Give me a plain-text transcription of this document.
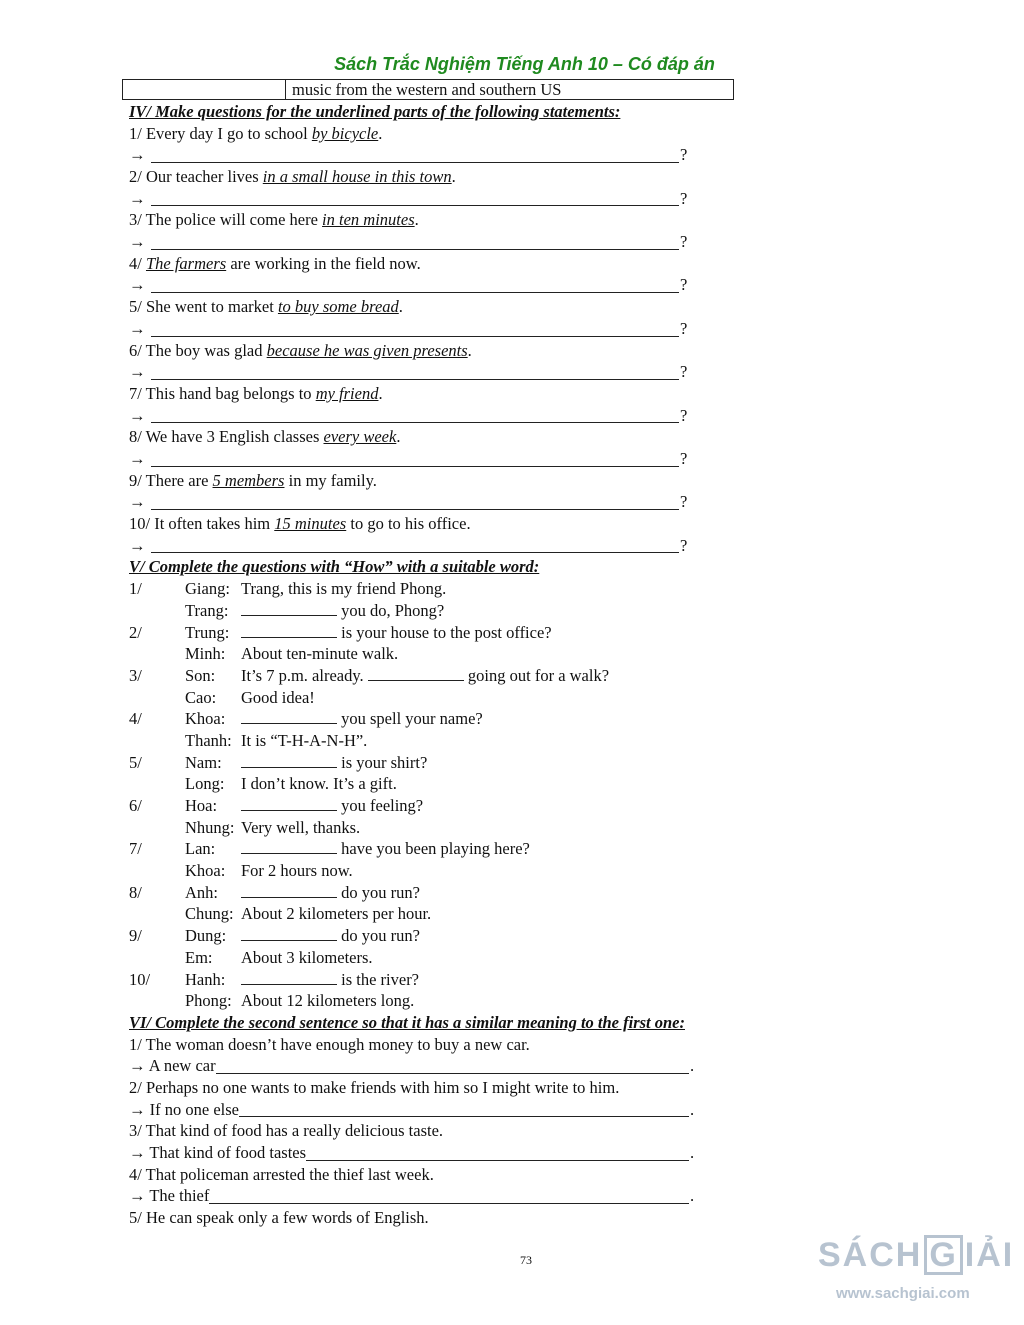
Sách Trắc Nghiệm Tiếng Anh 10 – Có đáp án
music from the western and southern US
IV/ Make questions for the underlined parts of the following statements:
1/ Every day I go to school by bicycle.
→	?
2/ Our teacher lives in a small house in this town.
→	?
3/ The police will come here in ten minutes.
→	?
4/ The farmers are working in the field now.
→	?
5/ She went to market to buy some bread.
→	?
6/ The boy was glad because he was given presents.
→	?
7/ This hand bag belongs to my friend.
→	?
8/ We have 3 English classes every week.
→	?
9/ There are 5 members in my family.
→	?
10/ It often takes him 15 minutes to go to his office.
→	?
V/ Complete the questions with “How” with a suitable word:
1/	Giang: Trang, this is my friend Phong.
Trang:	you do, Phong?
2/	Trung:	is your house to the post office?
Minh: About ten-minute walk.
3/	Son: It’s 7 p.m. already.	going out for a walk?
Cao: Good idea!
4/	Khoa:	you spell your name?
Thanh: It is “T-H-A-N-H”.
5/	Nam:	is your shirt?
Long: I don’t know. It’s a gift.
6/	Hoa:	you feeling?
Nhung: Very well, thanks.
7/	Lan:	have you been playing here?
Khoa: For 2 hours now.
8/	Anh:	do you run?
Chung: About 2 kilometers per hour.
9/	Dung:	do you run?
Em: About 3 kilometers.
10/ Hanh:	is the river?
Phong: About 12 kilometers long.
VI/ Complete the second sentence so that it has a similar meaning to the first one:
1/ The woman doesn’t have enough money to buy a new car.
→ A new car	.
2/ Perhaps no one wants to make friends with him so I might write to him.
→ If no one else	.
3/ That kind of food has a really delicious taste.
→ That kind of food tastes	.
4/ That policeman arrested the thief last week.
→ The thief	.
5/ He can speak only a few words of English.
73	SÁCH G IẢI
www.sachgiai.com
